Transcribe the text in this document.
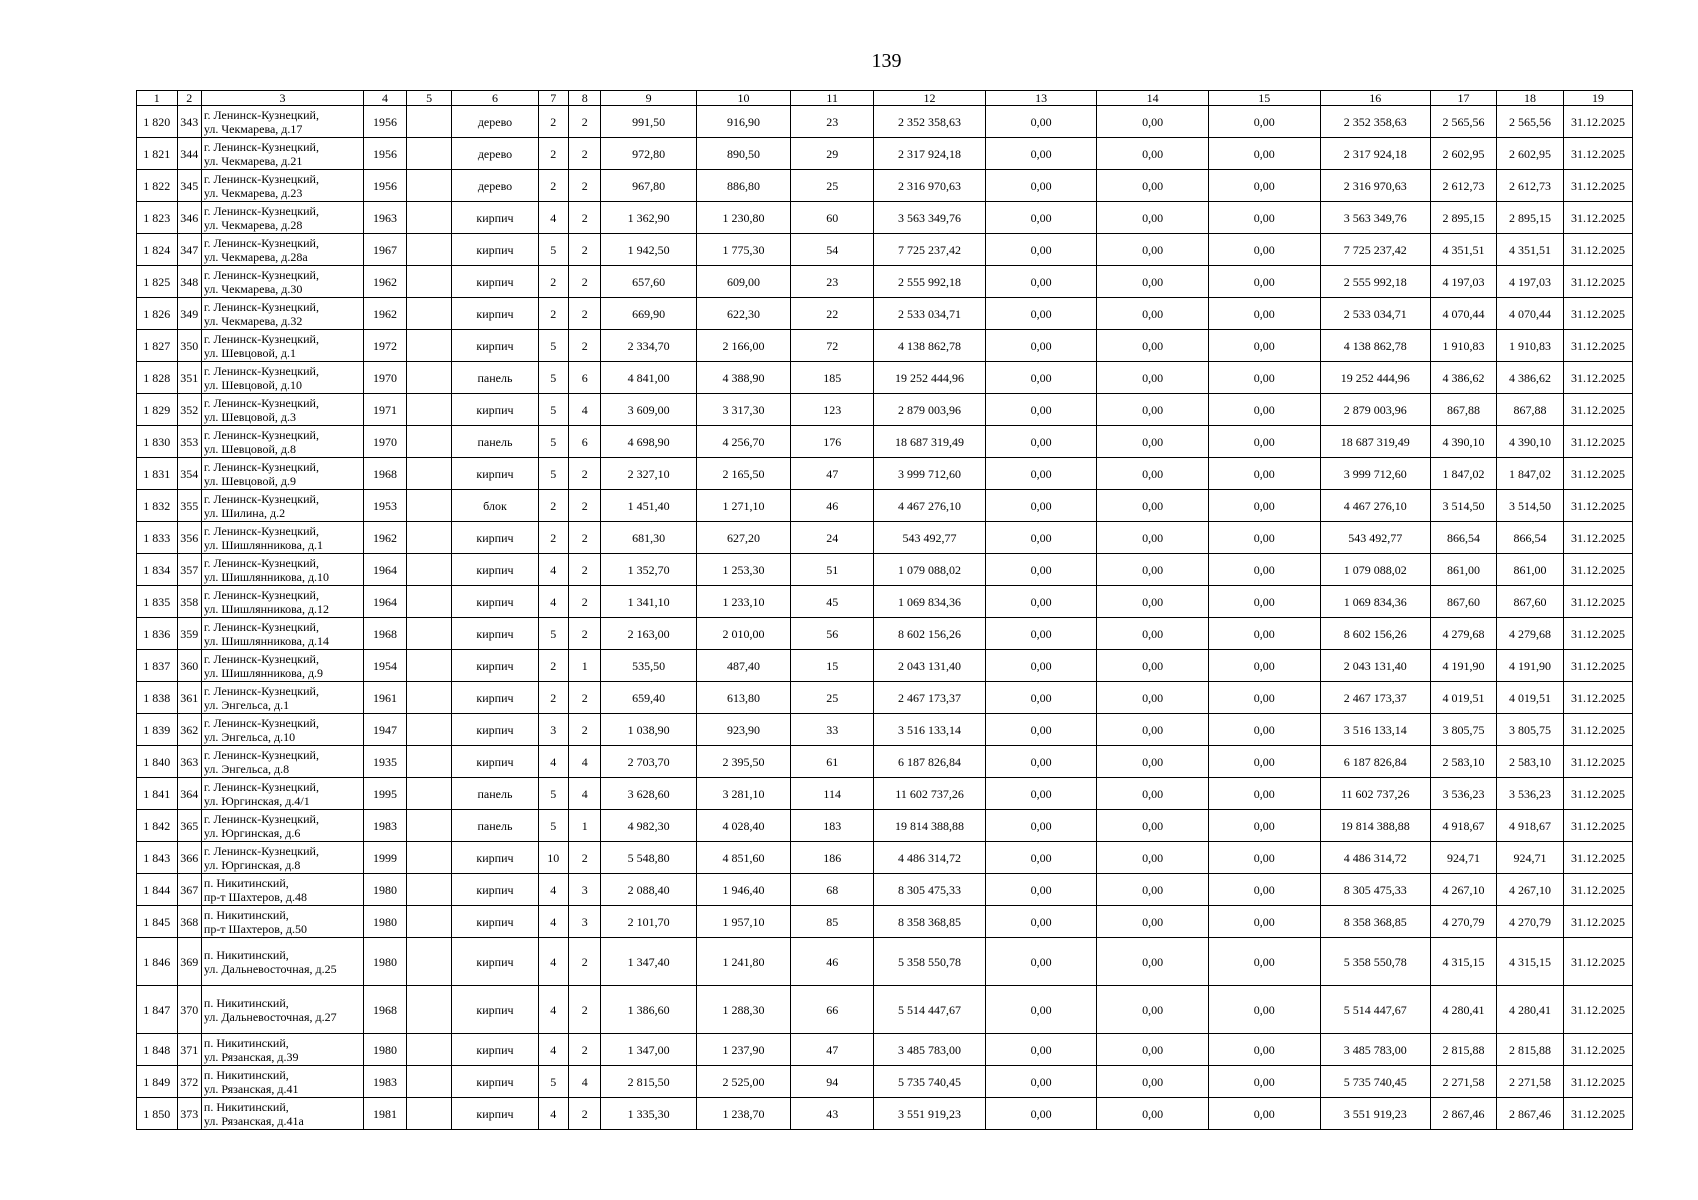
139
1	2	3	4	5	6	7	8	9	10	11	12	13	14	15	16	17	18	19
1 820	343	г. Ленинск-Кузнецкий,
ул. Чекмарева, д.17	1956		дерево	2	2	991,50	916,90	23	2 352 358,63	0,00	0,00	0,00	2 352 358,63	2 565,56	2 565,56	31.12.2025
1 821	344	г. Ленинск-Кузнецкий,
ул. Чекмарева, д.21	1956		дерево	2	2	972,80	890,50	29	2 317 924,18	0,00	0,00	0,00	2 317 924,18	2 602,95	2 602,95	31.12.2025
1 822	345	г. Ленинск-Кузнецкий,
ул. Чекмарева, д.23	1956		дерево	2	2	967,80	886,80	25	2 316 970,63	0,00	0,00	0,00	2 316 970,63	2 612,73	2 612,73	31.12.2025
1 823	346	г. Ленинск-Кузнецкий,
ул. Чекмарева, д.28	1963		кирпич	4	2	1 362,90	1 230,80	60	3 563 349,76	0,00	0,00	0,00	3 563 349,76	2 895,15	2 895,15	31.12.2025
1 824	347	г. Ленинск-Кузнецкий,
ул. Чекмарева, д.28а	1967		кирпич	5	2	1 942,50	1 775,30	54	7 725 237,42	0,00	0,00	0,00	7 725 237,42	4 351,51	4 351,51	31.12.2025
1 825	348	г. Ленинск-Кузнецкий,
ул. Чекмарева, д.30	1962		кирпич	2	2	657,60	609,00	23	2 555 992,18	0,00	0,00	0,00	2 555 992,18	4 197,03	4 197,03	31.12.2025
1 826	349	г. Ленинск-Кузнецкий,
ул. Чекмарева, д.32	1962		кирпич	2	2	669,90	622,30	22	2 533 034,71	0,00	0,00	0,00	2 533 034,71	4 070,44	4 070,44	31.12.2025
1 827	350	г. Ленинск-Кузнецкий,
ул. Шевцовой, д.1	1972		кирпич	5	2	2 334,70	2 166,00	72	4 138 862,78	0,00	0,00	0,00	4 138 862,78	1 910,83	1 910,83	31.12.2025
1 828	351	г. Ленинск-Кузнецкий,
ул. Шевцовой, д.10	1970		панель	5	6	4 841,00	4 388,90	185	19 252 444,96	0,00	0,00	0,00	19 252 444,96	4 386,62	4 386,62	31.12.2025
1 829	352	г. Ленинск-Кузнецкий,
ул. Шевцовой, д.3	1971		кирпич	5	4	3 609,00	3 317,30	123	2 879 003,96	0,00	0,00	0,00	2 879 003,96	867,88	867,88	31.12.2025
1 830	353	г. Ленинск-Кузнецкий,
ул. Шевцовой, д.8	1970		панель	5	6	4 698,90	4 256,70	176	18 687 319,49	0,00	0,00	0,00	18 687 319,49	4 390,10	4 390,10	31.12.2025
1 831	354	г. Ленинск-Кузнецкий,
ул. Шевцовой, д.9	1968		кирпич	5	2	2 327,10	2 165,50	47	3 999 712,60	0,00	0,00	0,00	3 999 712,60	1 847,02	1 847,02	31.12.2025
1 832	355	г. Ленинск-Кузнецкий,
ул. Шилина, д.2	1953		блок	2	2	1 451,40	1 271,10	46	4 467 276,10	0,00	0,00	0,00	4 467 276,10	3 514,50	3 514,50	31.12.2025
1 833	356	г. Ленинск-Кузнецкий,
ул. Шишлянникова, д.1	1962		кирпич	2	2	681,30	627,20	24	543 492,77	0,00	0,00	0,00	543 492,77	866,54	866,54	31.12.2025
1 834	357	г. Ленинск-Кузнецкий,
ул. Шишлянникова, д.10	1964		кирпич	4	2	1 352,70	1 253,30	51	1 079 088,02	0,00	0,00	0,00	1 079 088,02	861,00	861,00	31.12.2025
1 835	358	г. Ленинск-Кузнецкий,
ул. Шишлянникова, д.12	1964		кирпич	4	2	1 341,10	1 233,10	45	1 069 834,36	0,00	0,00	0,00	1 069 834,36	867,60	867,60	31.12.2025
1 836	359	г. Ленинск-Кузнецкий,
ул. Шишлянникова, д.14	1968		кирпич	5	2	2 163,00	2 010,00	56	8 602 156,26	0,00	0,00	0,00	8 602 156,26	4 279,68	4 279,68	31.12.2025
1 837	360	г. Ленинск-Кузнецкий,
ул. Шишлянникова, д.9	1954		кирпич	2	1	535,50	487,40	15	2 043 131,40	0,00	0,00	0,00	2 043 131,40	4 191,90	4 191,90	31.12.2025
1 838	361	г. Ленинск-Кузнецкий,
ул. Энгельса, д.1	1961		кирпич	2	2	659,40	613,80	25	2 467 173,37	0,00	0,00	0,00	2 467 173,37	4 019,51	4 019,51	31.12.2025
1 839	362	г. Ленинск-Кузнецкий,
ул. Энгельса, д.10	1947		кирпич	3	2	1 038,90	923,90	33	3 516 133,14	0,00	0,00	0,00	3 516 133,14	3 805,75	3 805,75	31.12.2025
1 840	363	г. Ленинск-Кузнецкий,
ул. Энгельса, д.8	1935		кирпич	4	4	2 703,70	2 395,50	61	6 187 826,84	0,00	0,00	0,00	6 187 826,84	2 583,10	2 583,10	31.12.2025
1 841	364	г. Ленинск-Кузнецкий,
ул. Юргинская, д.4/1	1995		панель	5	4	3 628,60	3 281,10	114	11 602 737,26	0,00	0,00	0,00	11 602 737,26	3 536,23	3 536,23	31.12.2025
1 842	365	г. Ленинск-Кузнецкий,
ул. Юргинская, д.6	1983		панель	5	1	4 982,30	4 028,40	183	19 814 388,88	0,00	0,00	0,00	19 814 388,88	4 918,67	4 918,67	31.12.2025
1 843	366	г. Ленинск-Кузнецкий,
ул. Юргинская, д.8	1999		кирпич	10	2	5 548,80	4 851,60	186	4 486 314,72	0,00	0,00	0,00	4 486 314,72	924,71	924,71	31.12.2025
1 844	367	п. Никитинский,
пр-т Шахтеров, д.48	1980		кирпич	4	3	2 088,40	1 946,40	68	8 305 475,33	0,00	0,00	0,00	8 305 475,33	4 267,10	4 267,10	31.12.2025
1 845	368	п. Никитинский,
пр-т Шахтеров, д.50	1980		кирпич	4	3	2 101,70	1 957,10	85	8 358 368,85	0,00	0,00	0,00	8 358 368,85	4 270,79	4 270,79	31.12.2025
1 846	369	п. Никитинский,
ул. Дальневосточная, д.25	1980		кирпич	4	2	1 347,40	1 241,80	46	5 358 550,78	0,00	0,00	0,00	5 358 550,78	4 315,15	4 315,15	31.12.2025
1 847	370	п. Никитинский,
ул. Дальневосточная, д.27	1968		кирпич	4	2	1 386,60	1 288,30	66	5 514 447,67	0,00	0,00	0,00	5 514 447,67	4 280,41	4 280,41	31.12.2025
1 848	371	п. Никитинский,
ул. Рязанская, д.39	1980		кирпич	4	2	1 347,00	1 237,90	47	3 485 783,00	0,00	0,00	0,00	3 485 783,00	2 815,88	2 815,88	31.12.2025
1 849	372	п. Никитинский,
ул. Рязанская, д.41	1983		кирпич	5	4	2 815,50	2 525,00	94	5 735 740,45	0,00	0,00	0,00	5 735 740,45	2 271,58	2 271,58	31.12.2025
1 850	373	п. Никитинский,
ул. Рязанская, д.41а	1981		кирпич	4	2	1 335,30	1 238,70	43	3 551 919,23	0,00	0,00	0,00	3 551 919,23	2 867,46	2 867,46	31.12.2025
